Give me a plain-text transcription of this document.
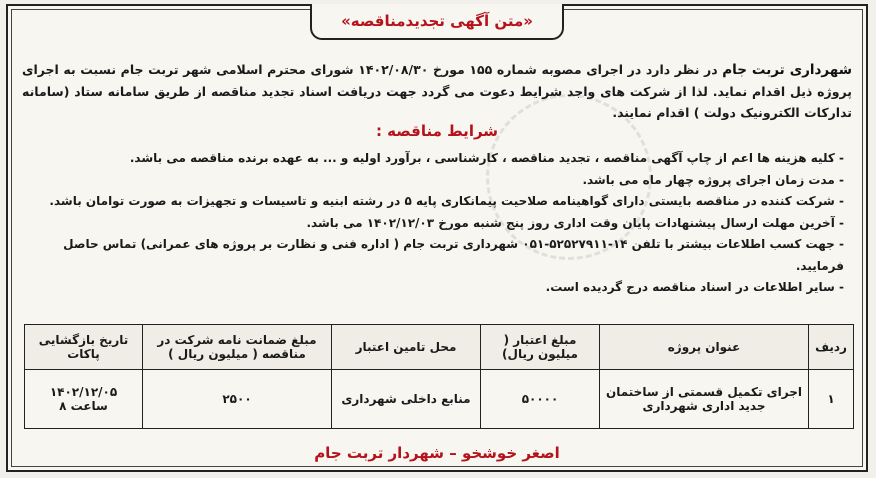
«متن آگهی تجدیدمناقصه»

شهرداری تربت جام در نظر دارد در اجرای مصوبه شماره ۱۵۵ مورخ ۱۴۰۲/۰۸/۳۰ شورای محترم اسلامی شهر تربت جام نسبت به اجرای پروژه ذیل اقدام نماید. لذا از شرکت های واجد شرایط دعوت می گردد جهت دریافت اسناد تجدید مناقصه از طریق سامانه ستاد (سامانه تدارکات الکترونیک دولت ) اقدام نمایند.

شرایط مناقصه :
- کلیه هزینه ها اعم از چاپ آگهی مناقصه ، تجدید مناقصه ، کارشناسی ، برآورد اولیه و ... به عهده برنده مناقصه می باشد.
- مدت زمان اجرای پروژه چهار ماه می باشد.
- شرکت کننده در مناقصه بایستی دارای گواهینامه صلاحیت پیمانکاری پایه ۵ در رشته ابنیه و تاسیسات و تجهیزات به صورت توامان باشد.
- آخرین مهلت ارسال پیشنهادات پایان وقت اداری روز پنج شنبه مورخ ۱۴۰۲/۱۲/۰۳ می باشد.
- جهت کسب اطلاعات بیشتر با تلفن ۱۴-۵۲۵۲۷۹۱۱-۰۵۱ شهرداری تربت جام ( اداره فنی و نظارت بر پروژه های عمرانی) تماس حاصل فرمایید.
- سایر اطلاعات در اسناد مناقصه درج گردیده است.
ردیف	عنوان پروژه	مبلغ اعتبار ( میلیون ریال)	محل تامین اعتبار	مبلغ ضمانت نامه شرکت در مناقصه ( میلیون ریال )	تاریخ بازگشایی پاکات
۱	اجرای تکمیل قسمتی از ساختمان جدید اداری شهرداری	۵۰۰۰۰	منابع داخلی شهرداری	۲۵۰۰	۱۴۰۲/۱۲/۰۵
ساعت ۸
اصغر خوشخو – شهردار تربت جام
